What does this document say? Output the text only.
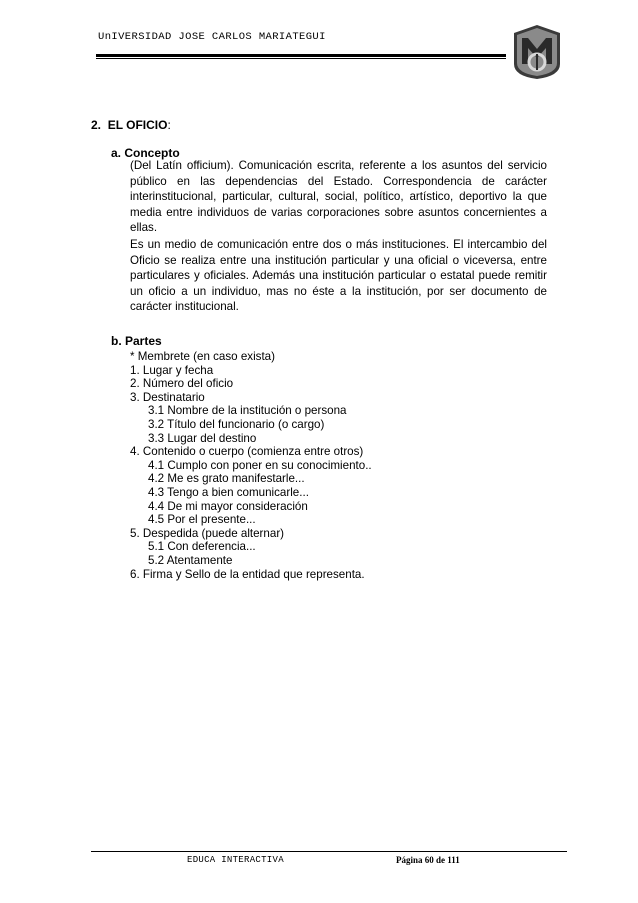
UnIVERSIDAD JOSE CARLOS MARIATEGUI
2. EL OFICIO:
a. Concepto
(Del Latín officium). Comunicación escrita, referente a los asuntos del servicio público en las dependencias del Estado. Correspondencia de carácter interinstitucional, particular, cultural, social, político, artístico, deportivo la que media entre individuos de varias corporaciones sobre asuntos concernientes a ellas.
Es un medio de comunicación entre dos o más instituciones. El intercambio del Oficio se realiza entre una institución particular y una oficial o viceversa, entre particulares y oficiales. Además una institución particular o estatal puede remitir un oficio a un individuo, mas no éste a la institución, por ser documento de carácter institucional.
b. Partes
* Membrete (en caso exista)
1. Lugar y fecha
2. Número del oficio
3. Destinatario
3.1 Nombre de la institución o persona
3.2 Título del funcionario (o cargo)
3.3 Lugar del destino
4. Contenido o cuerpo (comienza entre otros)
4.1 Cumplo con poner en su conocimiento..
4.2 Me es grato manifestarle...
4.3 Tengo a bien comunicarle...
4.4 De mi mayor consideración
4.5 Por el presente...
5. Despedida (puede alternar)
5.1 Con deferencia...
5.2 Atentamente
6. Firma y Sello de la entidad que representa.
EDUCA INTERACTIVA	Página 60 de 111
